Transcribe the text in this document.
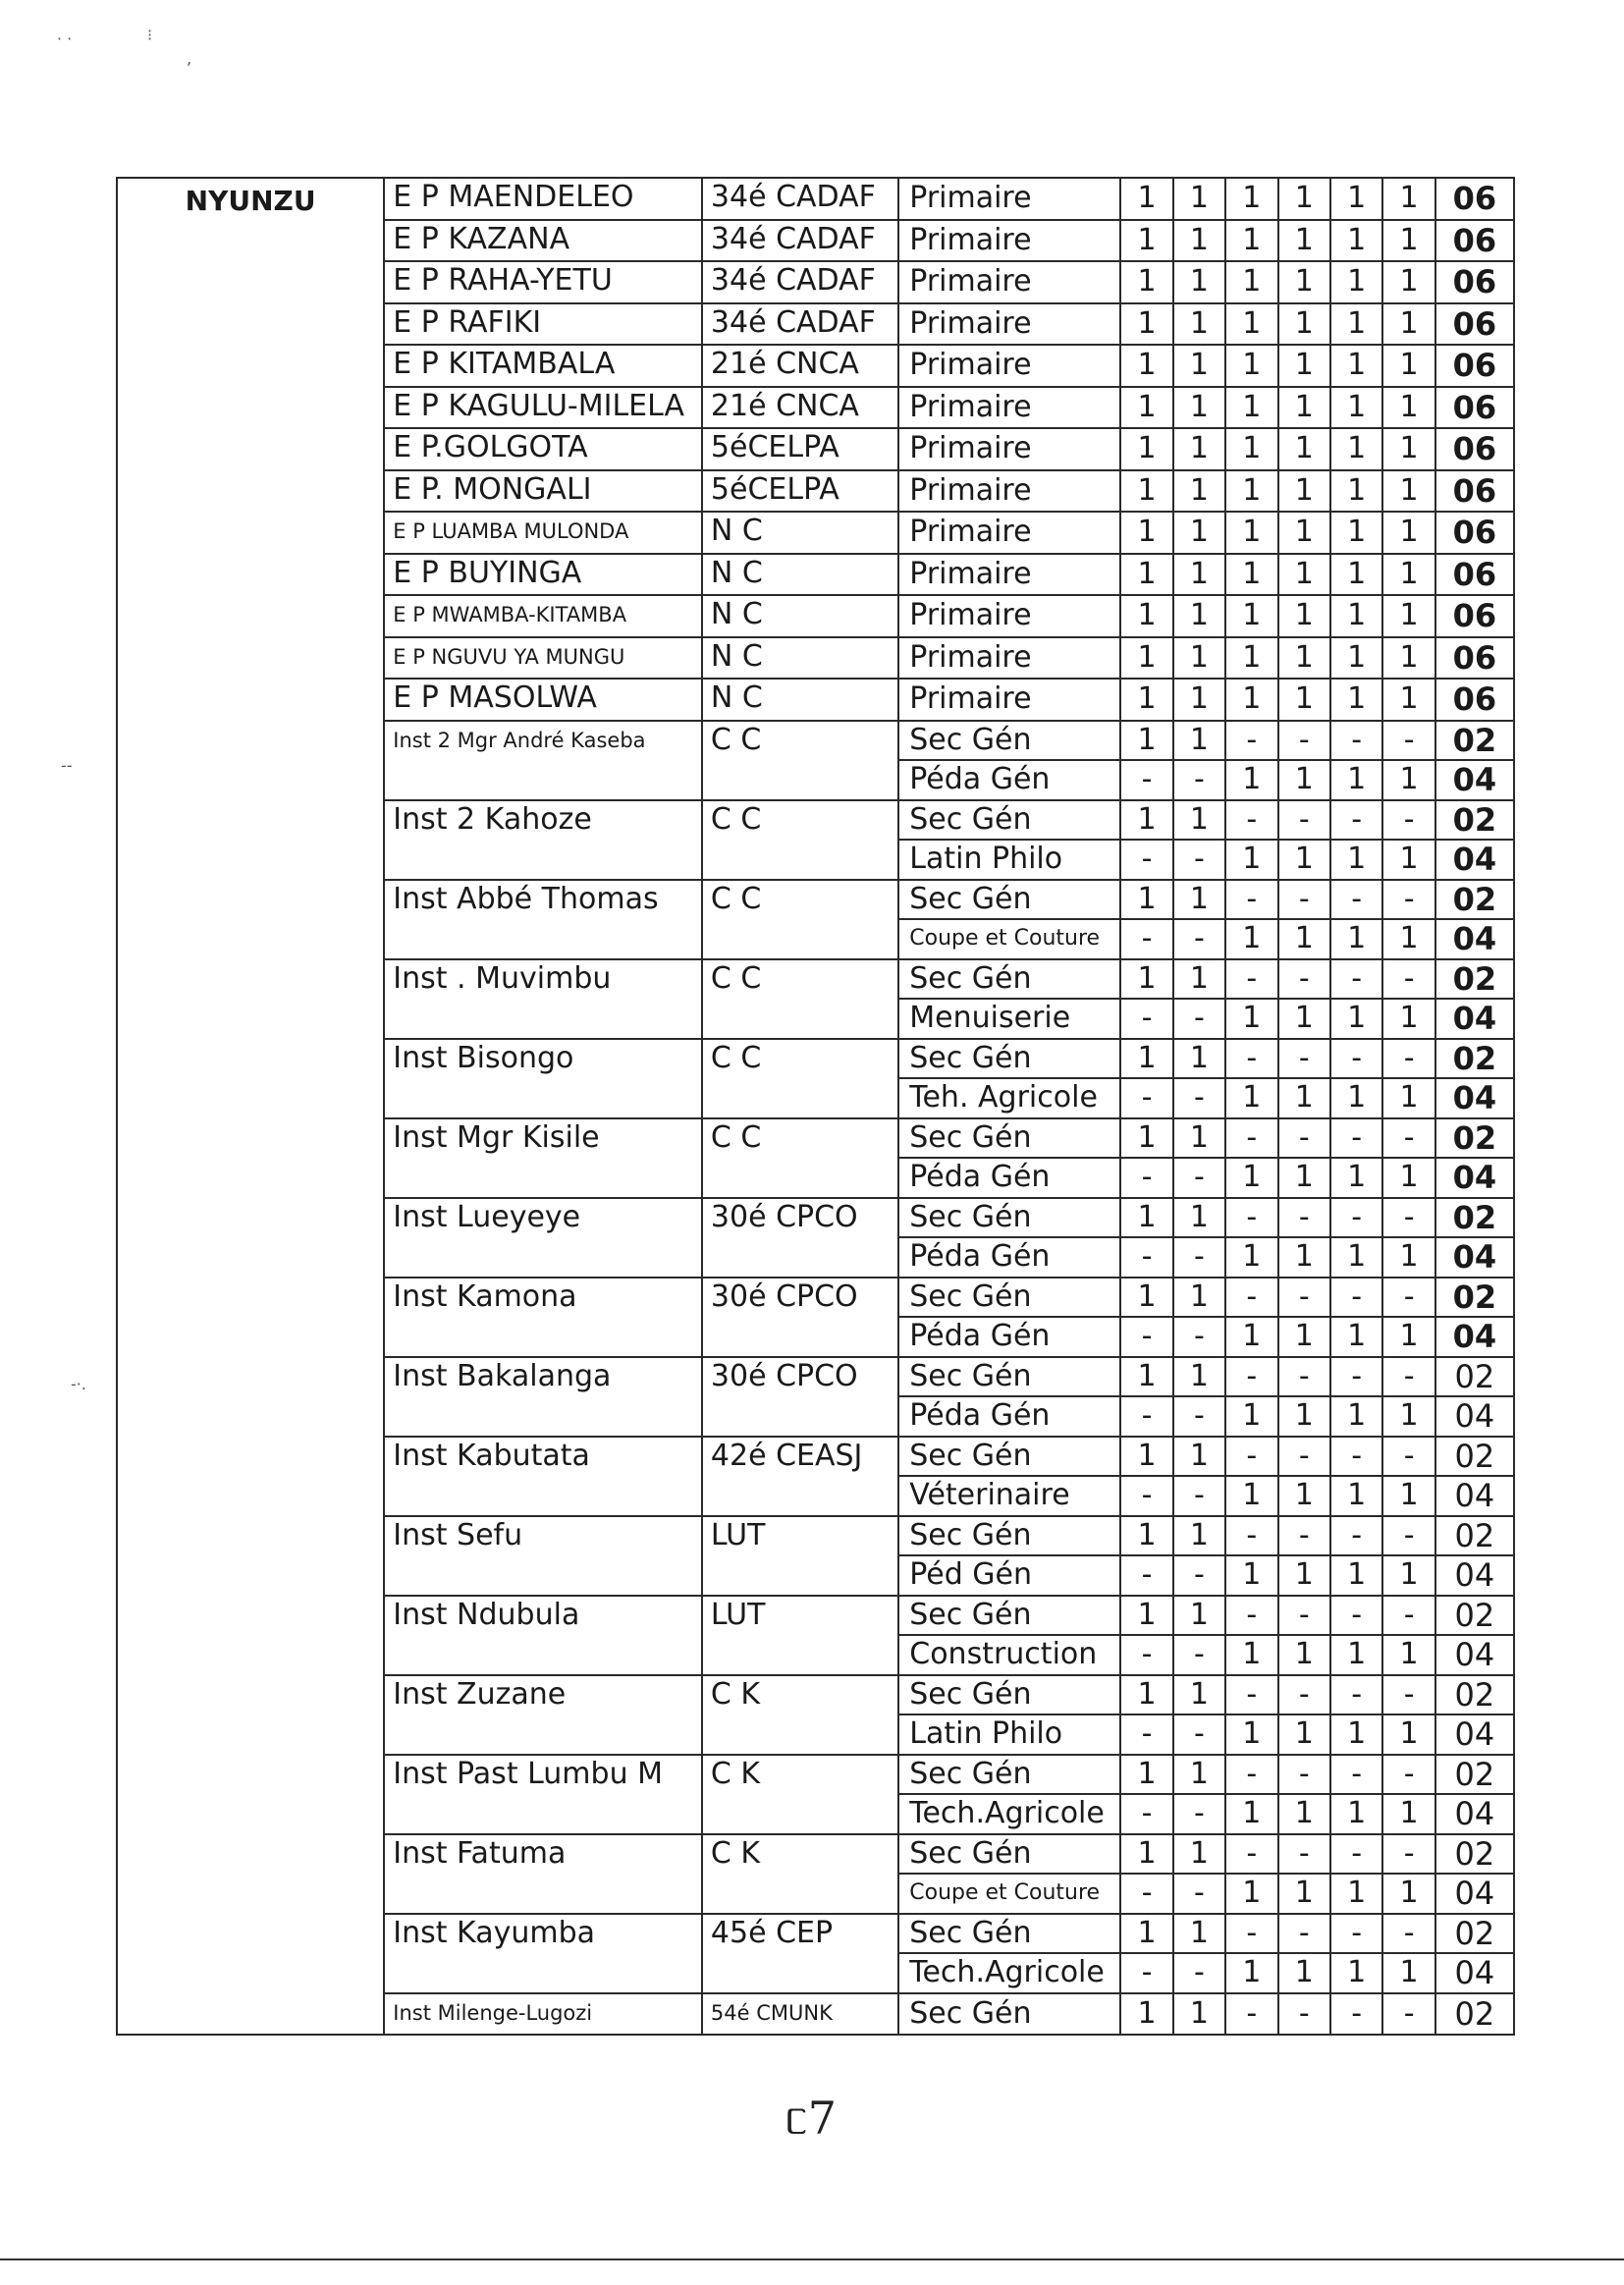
· ·	⁝
,
--
-·.
NYUNZU	E P MAENDELEO	34é CADAF	Primaire	1	1	1	1	1	1	06
	E P KAZANA	34é CADAF	Primaire	1	1	1	1	1	1	06
	E P RAHA-YETU	34é CADAF	Primaire	1	1	1	1	1	1	06
	E P RAFIKI	34é CADAF	Primaire	1	1	1	1	1	1	06
	E P KITAMBALA	21é CNCA	Primaire	1	1	1	1	1	1	06
	E P KAGULU-MILELA	21é CNCA	Primaire	1	1	1	1	1	1	06
	E P.GOLGOTA	5éCELPA	Primaire	1	1	1	1	1	1	06
	E P. MONGALI	5éCELPA	Primaire	1	1	1	1	1	1	06
	E P LUAMBA MULONDA	N C	Primaire	1	1	1	1	1	1	06
	E P BUYINGA	N C	Primaire	1	1	1	1	1	1	06
	E P MWAMBA-KITAMBA	N C	Primaire	1	1	1	1	1	1	06
	E P NGUVU YA MUNGU	N C	Primaire	1	1	1	1	1	1	06
	E P MASOLWA	N C	Primaire	1	1	1	1	1	1	06
	Inst 2 Mgr André Kaseba	C C	Sec Gén	1	1	-	-	-	-	02
			Péda Gén	-	-	1	1	1	1	04
	Inst 2 Kahoze	C C	Sec Gén	1	1	-	-	-	-	02
			Latin Philo	-	-	1	1	1	1	04
	Inst Abbé Thomas	C C	Sec Gén	1	1	-	-	-	-	02
			Coupe et Couture	-	-	1	1	1	1	04
	Inst . Muvimbu	C C	Sec Gén	1	1	-	-	-	-	02
			Menuiserie	-	-	1	1	1	1	04
	Inst Bisongo	C C	Sec Gén	1	1	-	-	-	-	02
			Teh. Agricole	-	-	1	1	1	1	04
	Inst Mgr Kisile	C C	Sec Gén	1	1	-	-	-	-	02
			Péda Gén	-	-	1	1	1	1	04
	Inst Lueyeye	30é CPCO	Sec Gén	1	1	-	-	-	-	02
			Péda Gén	-	-	1	1	1	1	04
	Inst Kamona	30é CPCO	Sec Gén	1	1	-	-	-	-	02
			Péda Gén	-	-	1	1	1	1	04
	Inst Bakalanga	30é CPCO	Sec Gén	1	1	-	-	-	-	02
			Péda Gén	-	-	1	1	1	1	04
	Inst Kabutata	42é CEASJ	Sec Gén	1	1	-	-	-	-	02
			Véterinaire	-	-	1	1	1	1	04
	Inst Sefu	LUT	Sec Gén	1	1	-	-	-	-	02
			Péd Gén	-	-	1	1	1	1	04
	Inst Ndubula	LUT	Sec Gén	1	1	-	-	-	-	02
			Construction	-	-	1	1	1	1	04
	Inst Zuzane	C K	Sec Gén	1	1	-	-	-	-	02
			Latin Philo	-	-	1	1	1	1	04
	Inst Past Lumbu M	C K	Sec Gén	1	1	-	-	-	-	02
			Tech.Agricole	-	-	1	1	1	1	04
	Inst Fatuma	C K	Sec Gén	1	1	-	-	-	-	02
			Coupe et Couture	-	-	1	1	1	1	04
	Inst Kayumba	45é CEP	Sec Gén	1	1	-	-	-	-	02
			Tech.Agricole	-	-	1	1	1	1	04
	Inst Milenge-Lugozi	54é CMUNK	Sec Gén	1	1	-	-	-	-	02
ᥴ7
